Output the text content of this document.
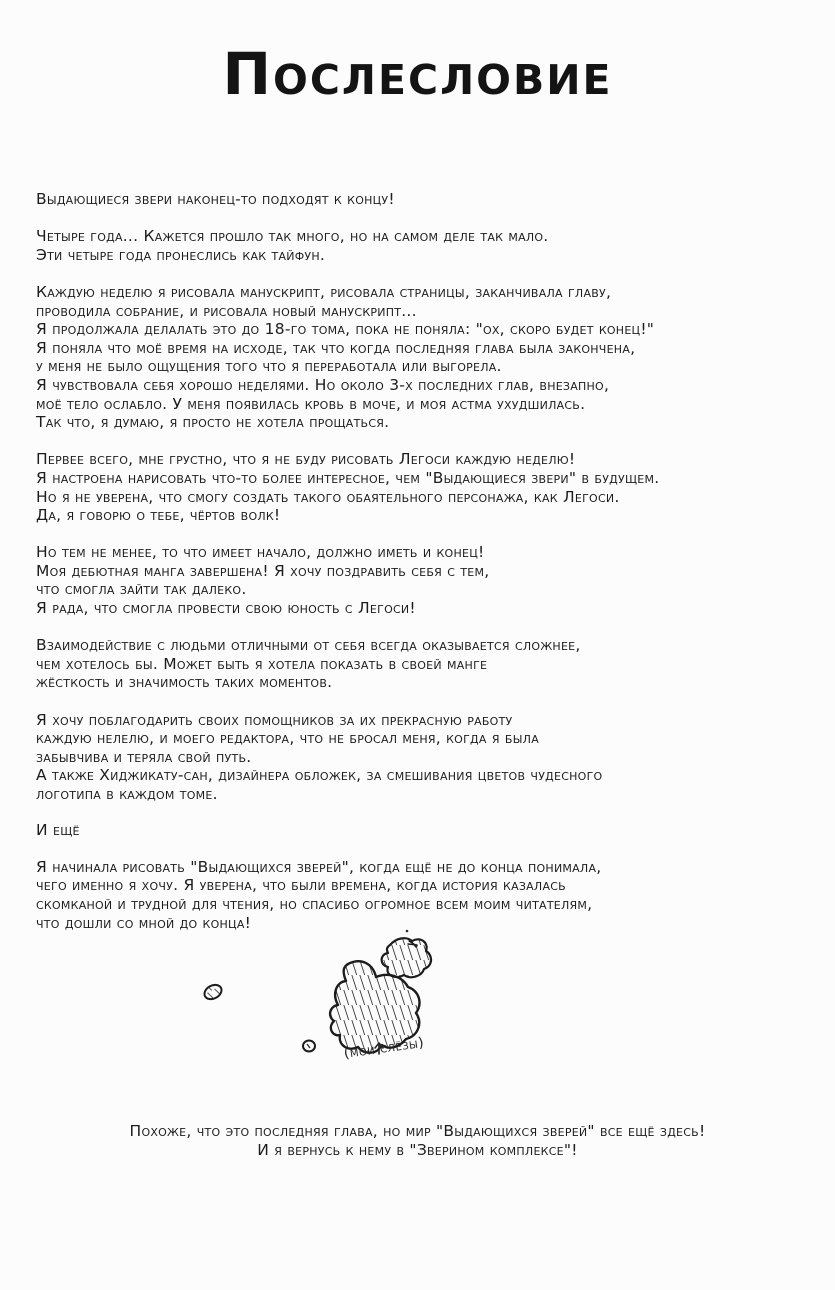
Послесловие

Выдающиеся звери наконец-то подходят к концу!

Четыре года... Кажется прошло так много, но на самом деле так мало.
Эти четыре года пронеслись как тайфун.

Каждую неделю я рисовала манускрипт, рисовала страницы, заканчивала главу,
проводила собрание, и рисовала новый манускрипт...
Я продолжала делалать это до 18-го тома, пока не поняла: "ох, скоро будет конец!"
Я поняла что моё время на исходе, так что когда последняя глава была закончена,
у меня не было ощущения того что я переработала или выгорела.
Я чувствовала себя хорошо неделями. Но около 3-х последних глав, внезапно,
моё тело ослабло. У меня появилась кровь в моче, и моя астма ухудшилась.
Так что, я думаю, я просто не хотела прощаться.

Первее всего, мне грустно, что я не буду рисовать Легоси каждую неделю!
Я настроена нарисовать что-то более интересное, чем "Выдающиеся звери" в будущем.
Но я не уверена, что смогу создать такого обаятельного персонажа, как Легоси.
Да, я говорю о тебе, чёртов волк!

Но тем не менее, то что имеет начало, должно иметь и конец!
Моя дебютная манга завершена! Я хочу поздравить себя с тем,
что смогла зайти так далеко.
Я рада, что смогла провести свою юность с Легоси!

Взаимодействие с людьми отличными от себя всегда оказывается сложнее,
чем хотелось бы. Может быть я хотела показать в своей манге
жёсткость и значимость таких моментов.

Я хочу поблагодарить своих помощников за их прекрасную работу
каждую нелелю, и моего редактора, что не бросал меня, когда я была
забывчива и теряла свой путь.
А также Хиджикату-сан, дизайнера обложек, за смешивания цветов чудесного
логотипа в каждом томе.

И ещё

Я начинала рисовать "Выдающихся зверей", когда ещё не до конца понимала,
чего именно я хочу. Я уверена, что были времена, когда история казалась
скомканой и трудной для чтения, но спасибо огромное всем моим читателям,
что дошли со мной до конца!

(мои слёзы)
Похоже, что это последняя глава, но мир "Выдающихся зверей" все ещё здесь!
И я вернусь к нему в "Зверином комплексе"!
